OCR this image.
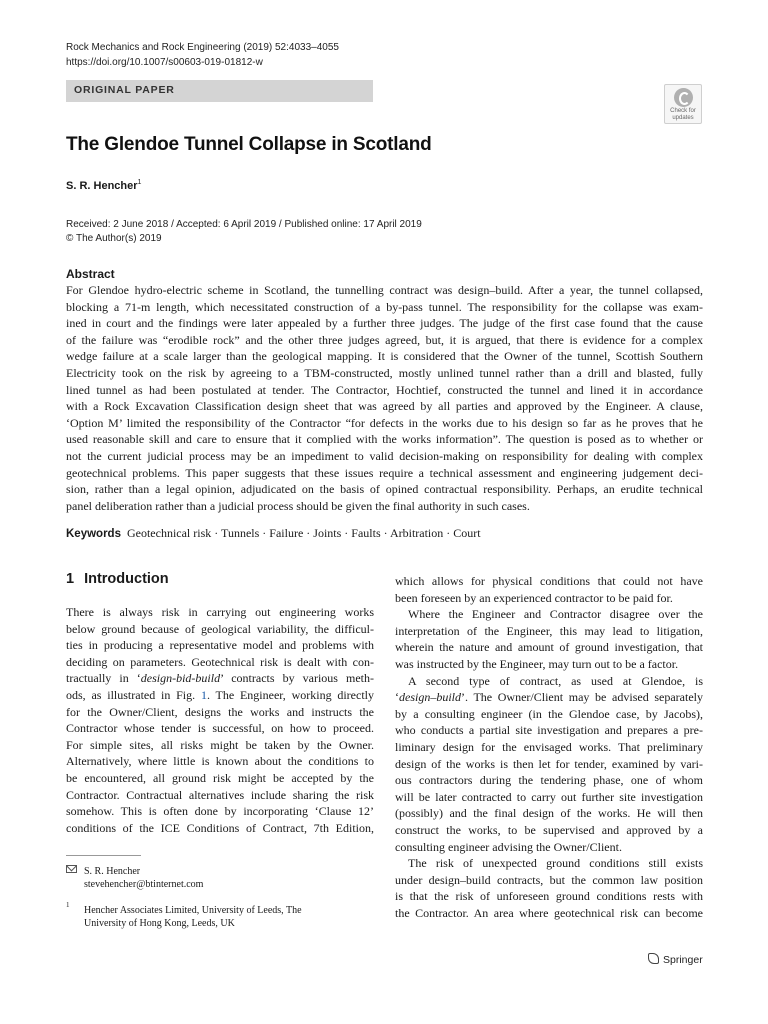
Rock Mechanics and Rock Engineering (2019) 52:4033–4055
https://doi.org/10.1007/s00603-019-01812-w
ORIGINAL PAPER
Check for
updates
The Glendoe Tunnel Collapse in Scotland
S. R. Hencher$^1$
Received: 2 June 2018 / Accepted: 6 April 2019 / Published online: 17 April 2019
© The Author(s) 2019
Abstract
For Glendoe hydro-electric scheme in Scotland, the tunnelling contract was design–build. After a year, the tunnel collapsed,
blocking a 71-m length, which necessitated construction of a by-pass tunnel. The responsibility for the collapse was exam-
ined in court and the findings were later appealed by a further three judges. The judge of the first case found that the cause
of the failure was “erodible rock” and the other three judges agreed, but, it is argued, that there is evidence for a complex
wedge failure at a scale larger than the geological mapping. It is considered that the Owner of the tunnel, Scottish Southern
Electricity took on the risk by agreeing to a TBM-constructed, mostly unlined tunnel rather than a drill and blasted, fully
lined tunnel as had been postulated at tender. The Contractor, Hochtief, constructed the tunnel and lined it in accordance
with a Rock Excavation Classification design sheet that was agreed by all parties and approved by the Engineer. A clause,
‘Option M’ limited the responsibility of the Contractor “for defects in the works due to his design so far as he proves that he
used reasonable skill and care to ensure that it complied with the works information”. The question is posed as to whether or
not the current judicial process may be an impediment to valid decision-making on responsibility for dealing with complex
geotechnical problems. This paper suggests that these issues require a technical assessment and engineering judgement deci-
sion, rather than a legal opinion, adjudicated on the basis of opined contractual responsibility. Perhaps, an erudite technical
panel deliberation rather than a judicial process should be given the final authority in such cases.
Keywords Geotechnical risk · Tunnels · Failure · Joints · Faults · Arbitration · Court
1 Introduction
There is always risk in carrying out engineering works
below ground because of geological variability, the difficul-
ties in producing a representative model and problems with
deciding on parameters. Geotechnical risk is dealt with con-
tractually in ‘design-bid-build’ contracts by various meth-
ods, as illustrated in Fig. 1. The Engineer, working directly
for the Owner/Client, designs the works and instructs the
Contractor whose tender is successful, on how to proceed.
For simple sites, all risks might be taken by the Owner.
Alternatively, where little is known about the conditions to
be encountered, all ground risk might be accepted by the
Contractor. Contractual alternatives include sharing the risk
somehow. This is often done by incorporating ‘Clause 12’
conditions of the ICE Conditions of Contract, 7th Edition,
which allows for physical conditions that could not have
been foreseen by an experienced contractor to be paid for.
Where the Engineer and Contractor disagree over the
interpretation of the Engineer, this may lead to litigation,
wherein the nature and amount of ground investigation, that
was instructed by the Engineer, may turn out to be a factor.
A second type of contract, as used at Glendoe, is
‘design–build’. The Owner/Client may be advised separately
by a consulting engineer (in the Glendoe case, by Jacobs),
who conducts a partial site investigation and prepares a pre-
liminary design for the envisaged works. That preliminary
design of the works is then let for tender, examined by vari-
ous contractors during the tendering phase, one of whom
will be later contracted to carry out further site investigation
(possibly) and the final design of the works. He will then
construct the works, to be supervised and approved by a
consulting engineer advising the Owner/Client.
The risk of unexpected ground conditions still exists
under design–build contracts, but the common law position
is that the risk of unforeseen ground conditions rests with
the Contractor. An area where geotechnical risk can become
S. R. Hencher
stevehencher@btinternet.com
1 Hencher Associates Limited, University of Leeds, The
University of Hong Kong, Leeds, UK
Springer
